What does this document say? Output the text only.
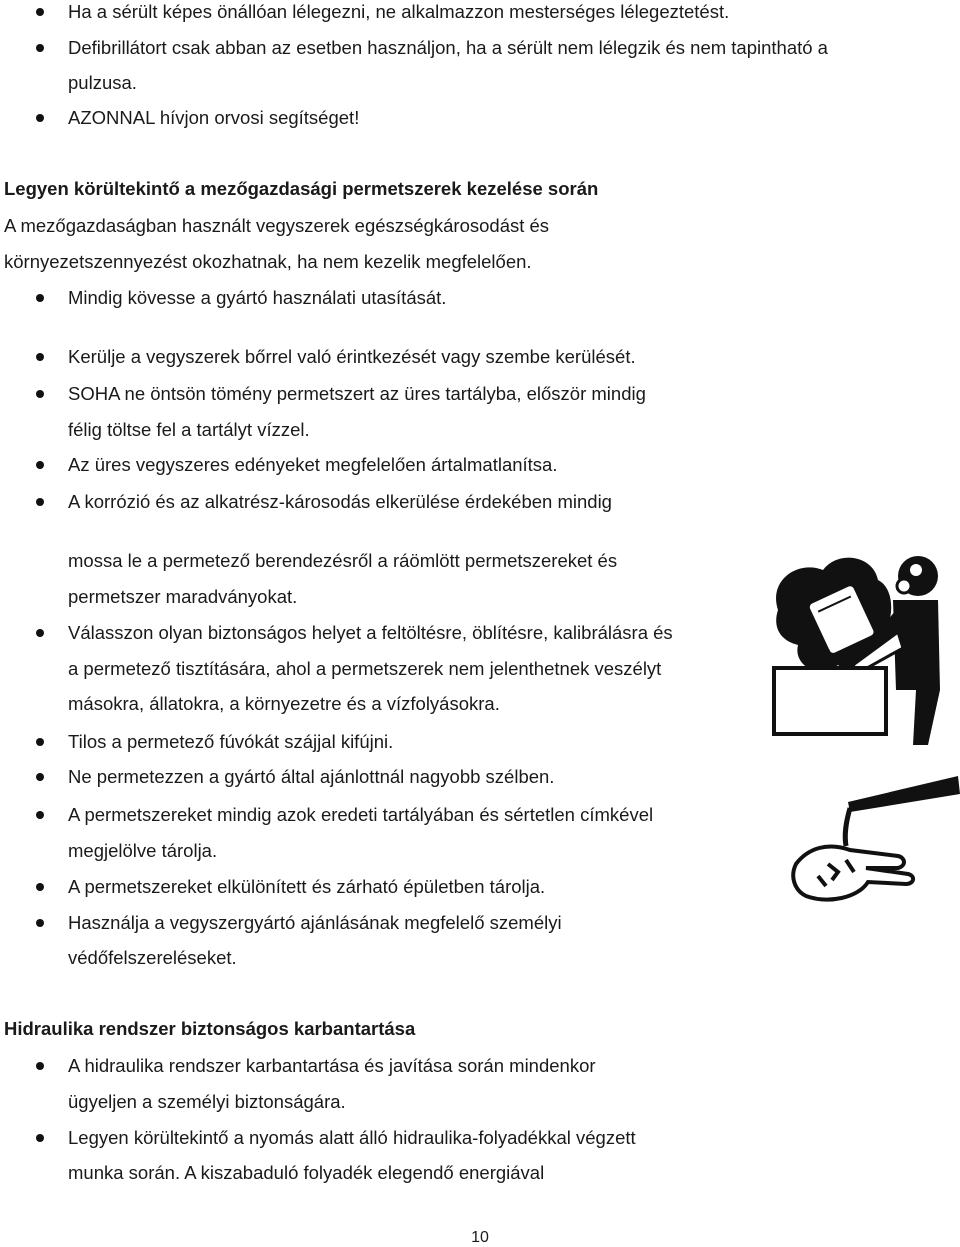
Ha a sérült képes önállóan lélegezni, ne alkalmazzon mesterséges lélegeztetést.
Defibrillátort csak abban az esetben használjon, ha a sérült nem lélegzik és nem tapintható a
pulzusa.
AZONNAL hívjon orvosi segítséget!
Legyen körültekintő a mezőgazdasági permetszerek kezelése során
A mezőgazdaságban használt vegyszerek egészségkárosodást és
környezetszennyezést okozhatnak, ha nem kezelik megfelelően.
Mindig kövesse a gyártó használati utasítását.
Kerülje a vegyszerek bőrrel való érintkezését vagy szembe kerülését.
SOHA ne öntsön tömény permetszert az üres tartályba, először mindig
félig töltse fel a tartályt vízzel.
Az üres vegyszeres edényeket megfelelően ártalmatlanítsa.
A korrózió és az alkatrész-károsodás elkerülése érdekében mindig
mossa le a permetező berendezésről a ráömlött permetszereket és
permetszer maradványokat.
Válasszon olyan biztonságos helyet a feltöltésre, öblítésre, kalibrálásra és
a permetező tisztítására, ahol a permetszerek nem jelenthetnek veszélyt
másokra, állatokra, a környezetre és a vízfolyásokra.
Tilos a permetező fúvókát szájjal kifújni.
Ne permetezzen a gyártó által ajánlottnál nagyobb szélben.
A permetszereket mindig azok eredeti tartályában és sértetlen címkével
megjelölve tárolja.
A permetszereket elkülönített és zárható épületben tárolja.
Használja a vegyszergyártó ajánlásának megfelelő személyi
védőfelszereléseket.
Hidraulika rendszer biztonságos karbantartása
A hidraulika rendszer karbantartása és javítása során mindenkor
ügyeljen a személyi biztonságára.
Legyen körültekintő a nyomás alatt álló hidraulika-folyadékkal végzett
munka során. A kiszabaduló folyadék elegendő energiával
10
